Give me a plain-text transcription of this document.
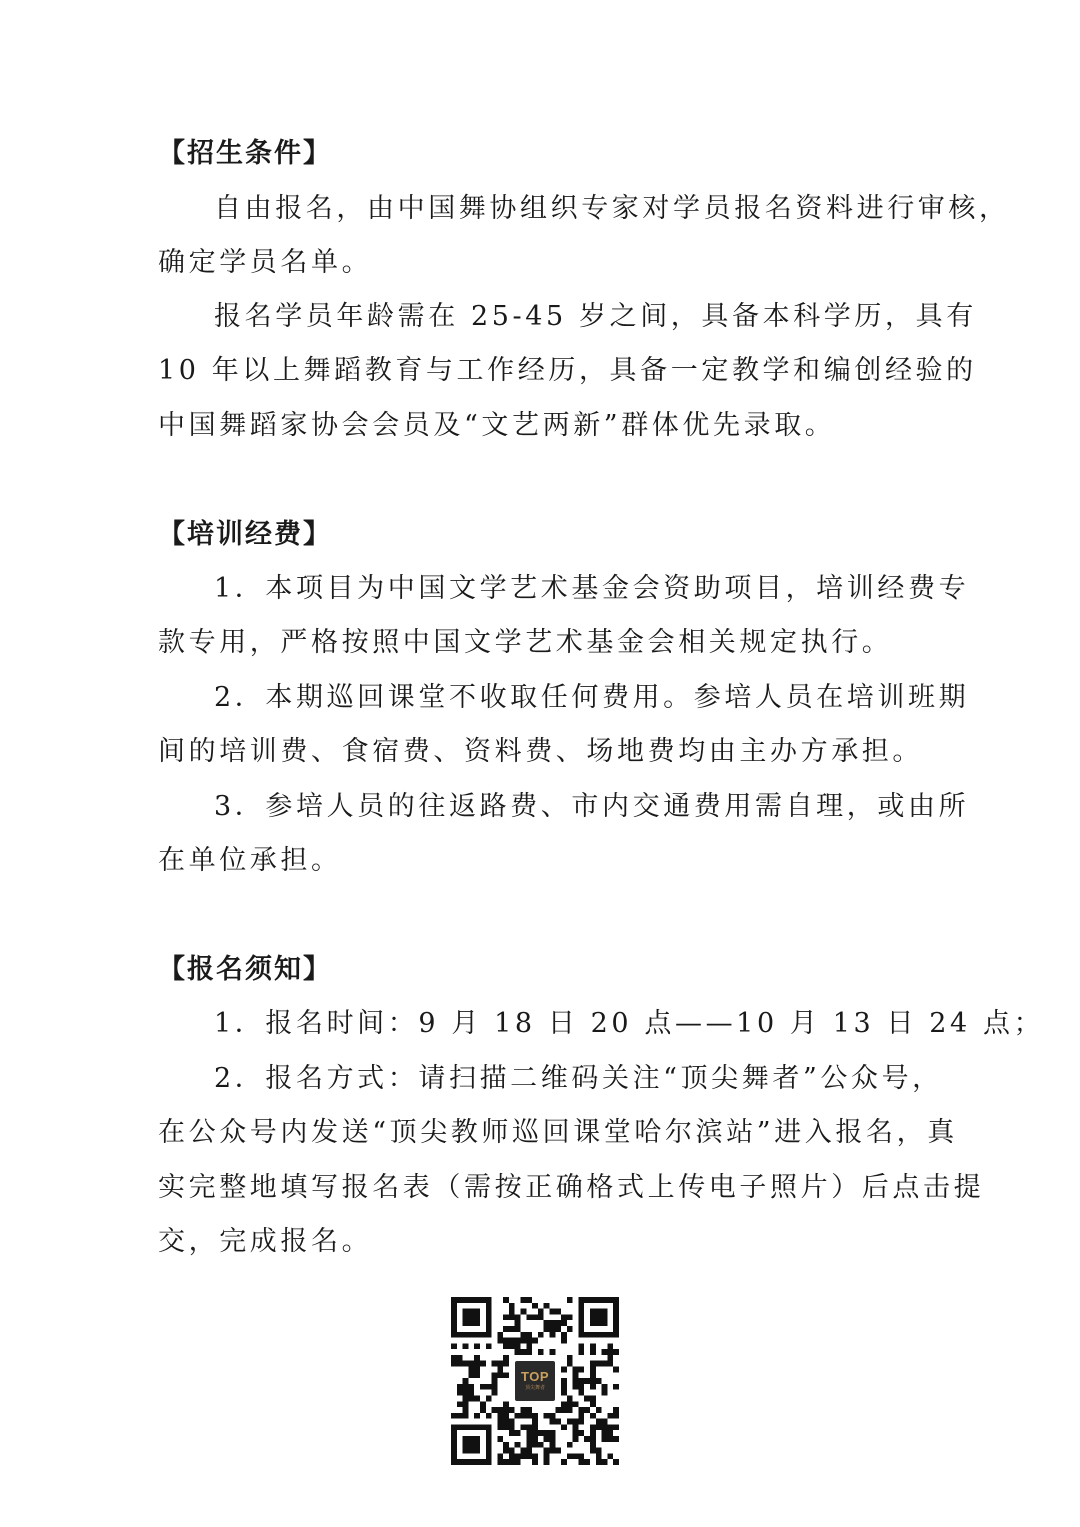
【招生条件】
自由报名，由中国舞协组织专家对学员报名资料进行审核，
确定学员名单。
报名学员年龄需在 25-45 岁之间，具备本科学历，具有
10 年以上舞蹈教育与工作经历，具备一定教学和编创经验的
中国舞蹈家协会会员及“文艺两新”群体优先录取。
【培训经费】
1．本项目为中国文学艺术基金会资助项目，培训经费专
款专用，严格按照中国文学艺术基金会相关规定执行。
2．本期巡回课堂不收取任何费用。参培人员在培训班期
间的培训费、食宿费、资料费、场地费均由主办方承担。
3．参培人员的往返路费、市内交通费用需自理，或由所
在单位承担。
【报名须知】
1．报名时间：9 月 18 日 20 点——10 月 13 日 24 点；
2．报名方式：请扫描二维码关注“顶尖舞者”公众号，
在公众号内发送“顶尖教师巡回课堂哈尔滨站”进入报名，真
实完整地填写报名表（需按正确格式上传电子照片）后点击提
交，完成报名。
TOP
顶尖舞者
